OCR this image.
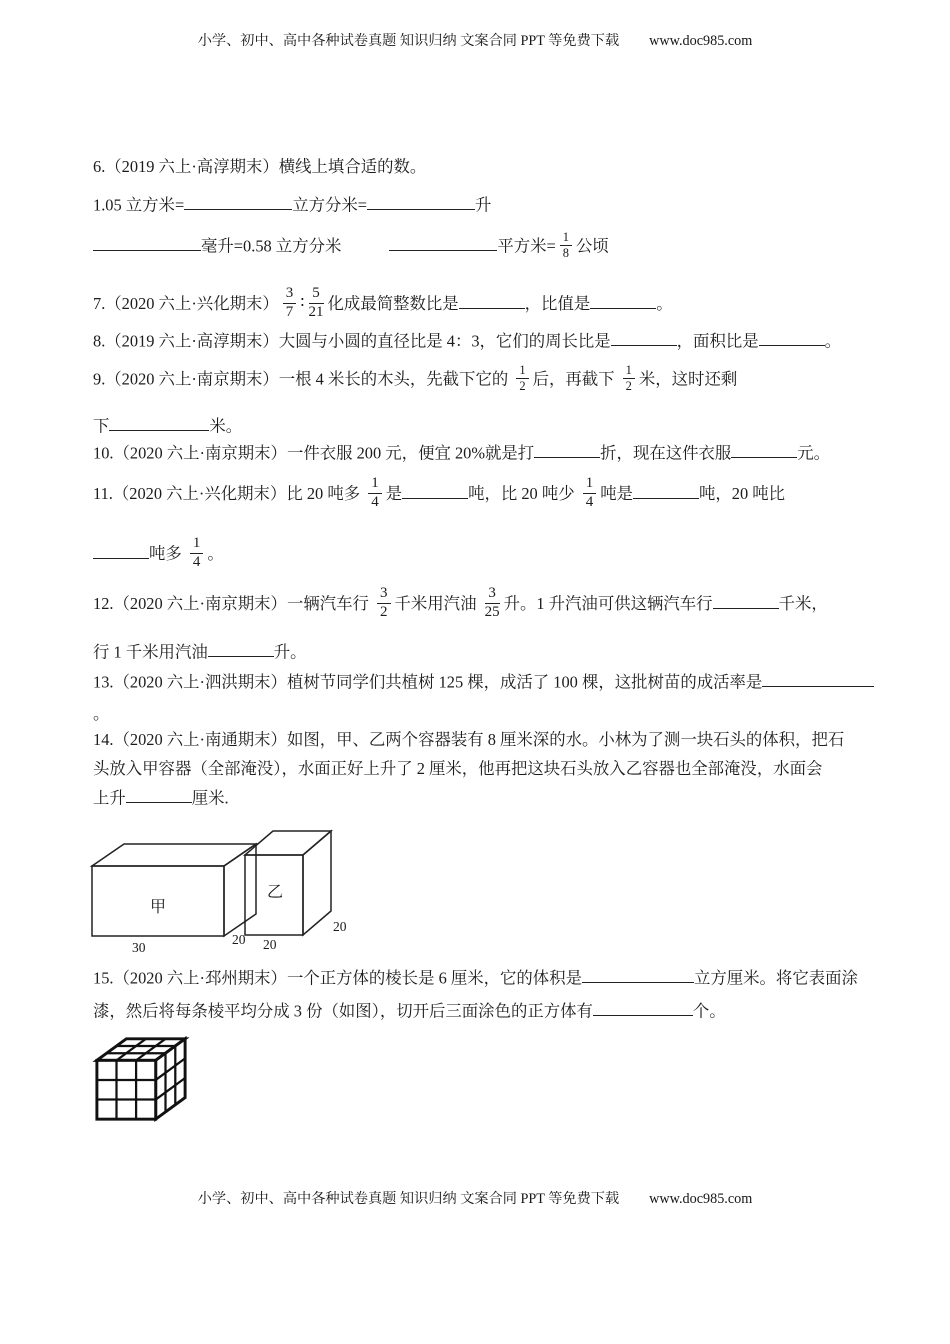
小学、初中、高中各种试卷真题 知识归纳 文案合同 PPT 等免费下载 www.doc985.com
6.（2019 六上·高淳期末）横线上填合适的数。
1.05 立方米=	立方分米=	升
毫升=0.58 立方分米	平方米= $\frac{1}{8}$ 公顷
7.（2020 六上·兴化期末） $\frac{3}{7}$ ∶ $\frac{5}{21}$ 化成最简整数比是	，比值是	。
8.（2019 六上·高淳期末）大圆与小圆的直径比是 4：3，它们的周长比是	，面积比是	。
9.（2020 六上·南京期末）一根 4 米长的木头，先截下它的 $\frac{1}{2}$ 后，再截下 $\frac{1}{2}$ 米，这时还剩
下	米。
10.（2020 六上·南京期末）一件衣服 200 元，便宜 20%就是打	折，现在这件衣服	元。
11.（2020 六上·兴化期末）比 20 吨多 $\frac{1}{4}$ 是	吨，比 20 吨少 $\frac{1}{4}$ 吨是	吨，20 吨比
吨多 $\frac{1}{4}$ 。
12.（2020 六上·南京期末）一辆汽车行 $\frac{3}{2}$ 千米用汽油 $\frac{3}{25}$ 升。1 升汽油可供这辆汽车行	千米，
行 1 千米用汽油	升。
13.（2020 六上·泗洪期末）植树节同学们共植树 125 棵，成活了 100 棵，这批树苗的成活率是
。
14.（2020 六上·南通期末）如图，甲、乙两个容器装有 8 厘米深的水。小林为了测一块石头的体积，把石
头放入甲容器（全部淹没），水面正好上升了 2 厘米，他再把这块石头放入乙容器也全部淹没，水面会
上升	厘米.
甲
30
20
乙
20
20
15.（2020 六上·邳州期末）一个正方体的棱长是 6 厘米，它的体积是	立方厘米。将它表面涂
漆，然后将每条棱平均分成 3 份（如图），切开后三面涂色的正方体有	个。
小学、初中、高中各种试卷真题 知识归纳 文案合同 PPT 等免费下载 www.doc985.com
